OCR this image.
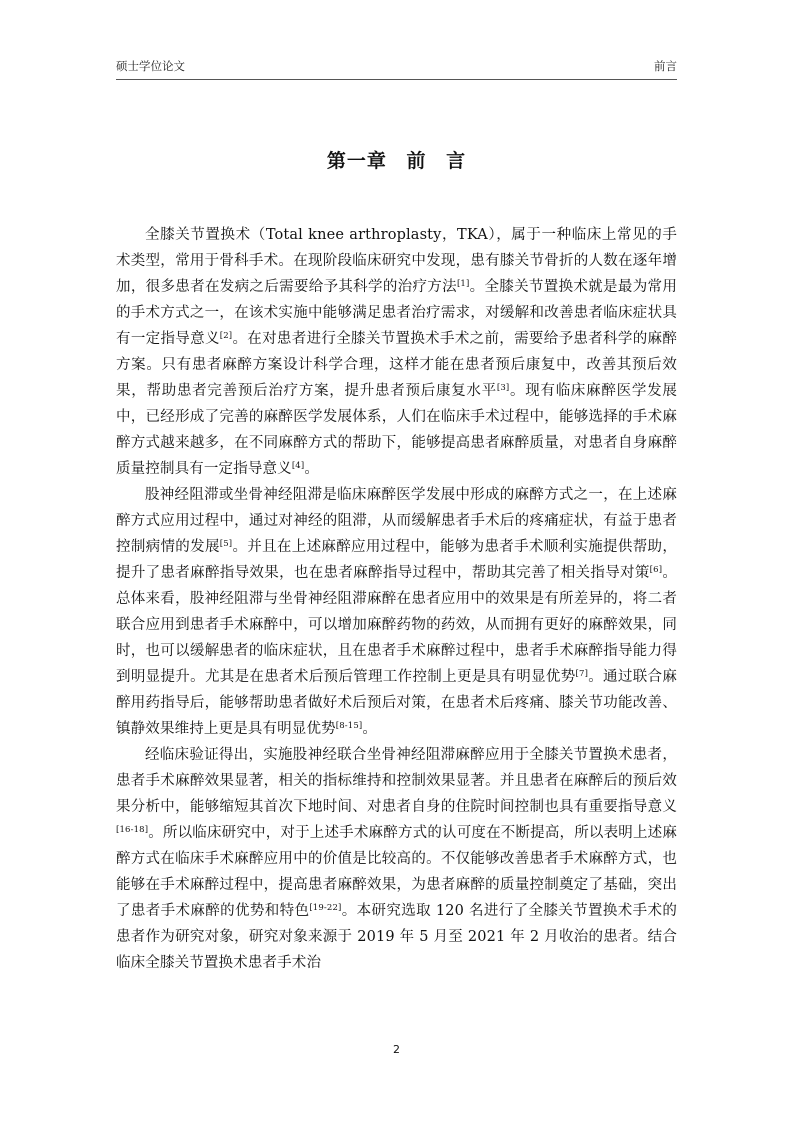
硕士学位论文	前言
第一章 前 言

全膝关节置换术（Total knee arthroplasty，TKA），属于一种临床上常见的手术类型，常用于骨科手术。在现阶段临床研究中发现，患有膝关节骨折的人数在逐年增加，很多患者在发病之后需要给予其科学的治疗方法[1]。全膝关节置换术就是最为常用的手术方式之一，在该术实施中能够满足患者治疗需求，对缓解和改善患者临床症状具有一定指导意义[2]。在对患者进行全膝关节置换术手术之前，需要给予患者科学的麻醉方案。只有患者麻醉方案设计科学合理，这样才能在患者预后康复中，改善其预后效果，帮助患者完善预后治疗方案，提升患者预后康复水平[3]。现有临床麻醉医学发展中，已经形成了完善的麻醉医学发展体系，人们在临床手术过程中，能够选择的手术麻醉方式越来越多，在不同麻醉方式的帮助下，能够提高患者麻醉质量，对患者自身麻醉质量控制具有一定指导意义[4]。

股神经阻滞或坐骨神经阻滞是临床麻醉医学发展中形成的麻醉方式之一，在上述麻醉方式应用过程中，通过对神经的阻滞，从而缓解患者手术后的疼痛症状，有益于患者控制病情的发展[5]。并且在上述麻醉应用过程中，能够为患者手术顺利实施提供帮助，提升了患者麻醉指导效果，也在患者麻醉指导过程中，帮助其完善了相关指导对策[6]。总体来看，股神经阻滞与坐骨神经阻滞麻醉在患者应用中的效果是有所差异的，将二者联合应用到患者手术麻醉中，可以增加麻醉药物的药效，从而拥有更好的麻醉效果，同时，也可以缓解患者的临床症状，且在患者手术麻醉过程中，患者手术麻醉指导能力得到明显提升。尤其是在患者术后预后管理工作控制上更是具有明显优势[7]。通过联合麻醉用药指导后，能够帮助患者做好术后预后对策，在患者术后疼痛、膝关节功能改善、镇静效果维持上更是具有明显优势[8-15]。

经临床验证得出，实施股神经联合坐骨神经阻滞麻醉应用于全膝关节置换术患者，患者手术麻醉效果显著，相关的指标维持和控制效果显著。并且患者在麻醉后的预后效果分析中，能够缩短其首次下地时间、对患者自身的住院时间控制也具有重要指导意义[16-18]。所以临床研究中，对于上述手术麻醉方式的认可度在不断提高，所以表明上述麻醉方式在临床手术麻醉应用中的价值是比较高的。不仅能够改善患者手术麻醉方式，也能够在手术麻醉过程中，提高患者麻醉效果，为患者麻醉的质量控制奠定了基础，突出了患者手术麻醉的优势和特色[19-22]。本研究选取 120 名进行了全膝关节置换术手术的患者作为研究对象，研究对象来源于 2019 年 5 月至 2021 年 2 月收治的患者。结合临床全膝关节置换术患者手术治

2
